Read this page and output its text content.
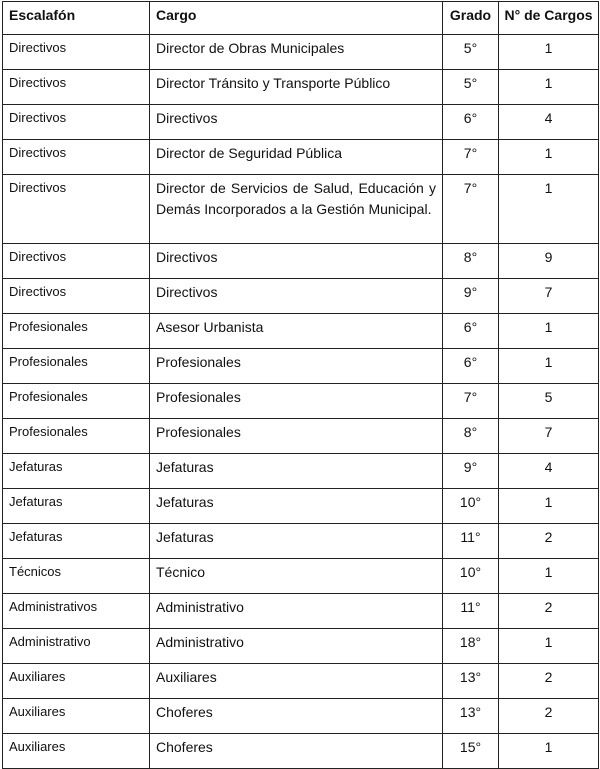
Escalafón	Cargo	Grado	N° de Cargos
Directivos	Director de Obras Municipales	5°	1
Directivos	Director Tránsito y Transporte Público	5°	1
Directivos	Directivos	6°	4
Directivos	Director de Seguridad Pública	7°	1
Directivos	Director de Servicios de Salud, Educación y Demás Incorporados a la Gestión Municipal.	7°	1
Directivos	Directivos	8°	9
Directivos	Directivos	9°	7
Profesionales	Asesor Urbanista	6°	1
Profesionales	Profesionales	6°	1
Profesionales	Profesionales	7°	5
Profesionales	Profesionales	8°	7
Jefaturas	Jefaturas	9°	4
Jefaturas	Jefaturas	10°	1
Jefaturas	Jefaturas	11°	2
Técnicos	Técnico	10°	1
Administrativos	Administrativo	11°	2
Administrativo	Administrativo	18°	1
Auxiliares	Auxiliares	13°	2
Auxiliares	Choferes	13°	2
Auxiliares	Choferes	15°	1
